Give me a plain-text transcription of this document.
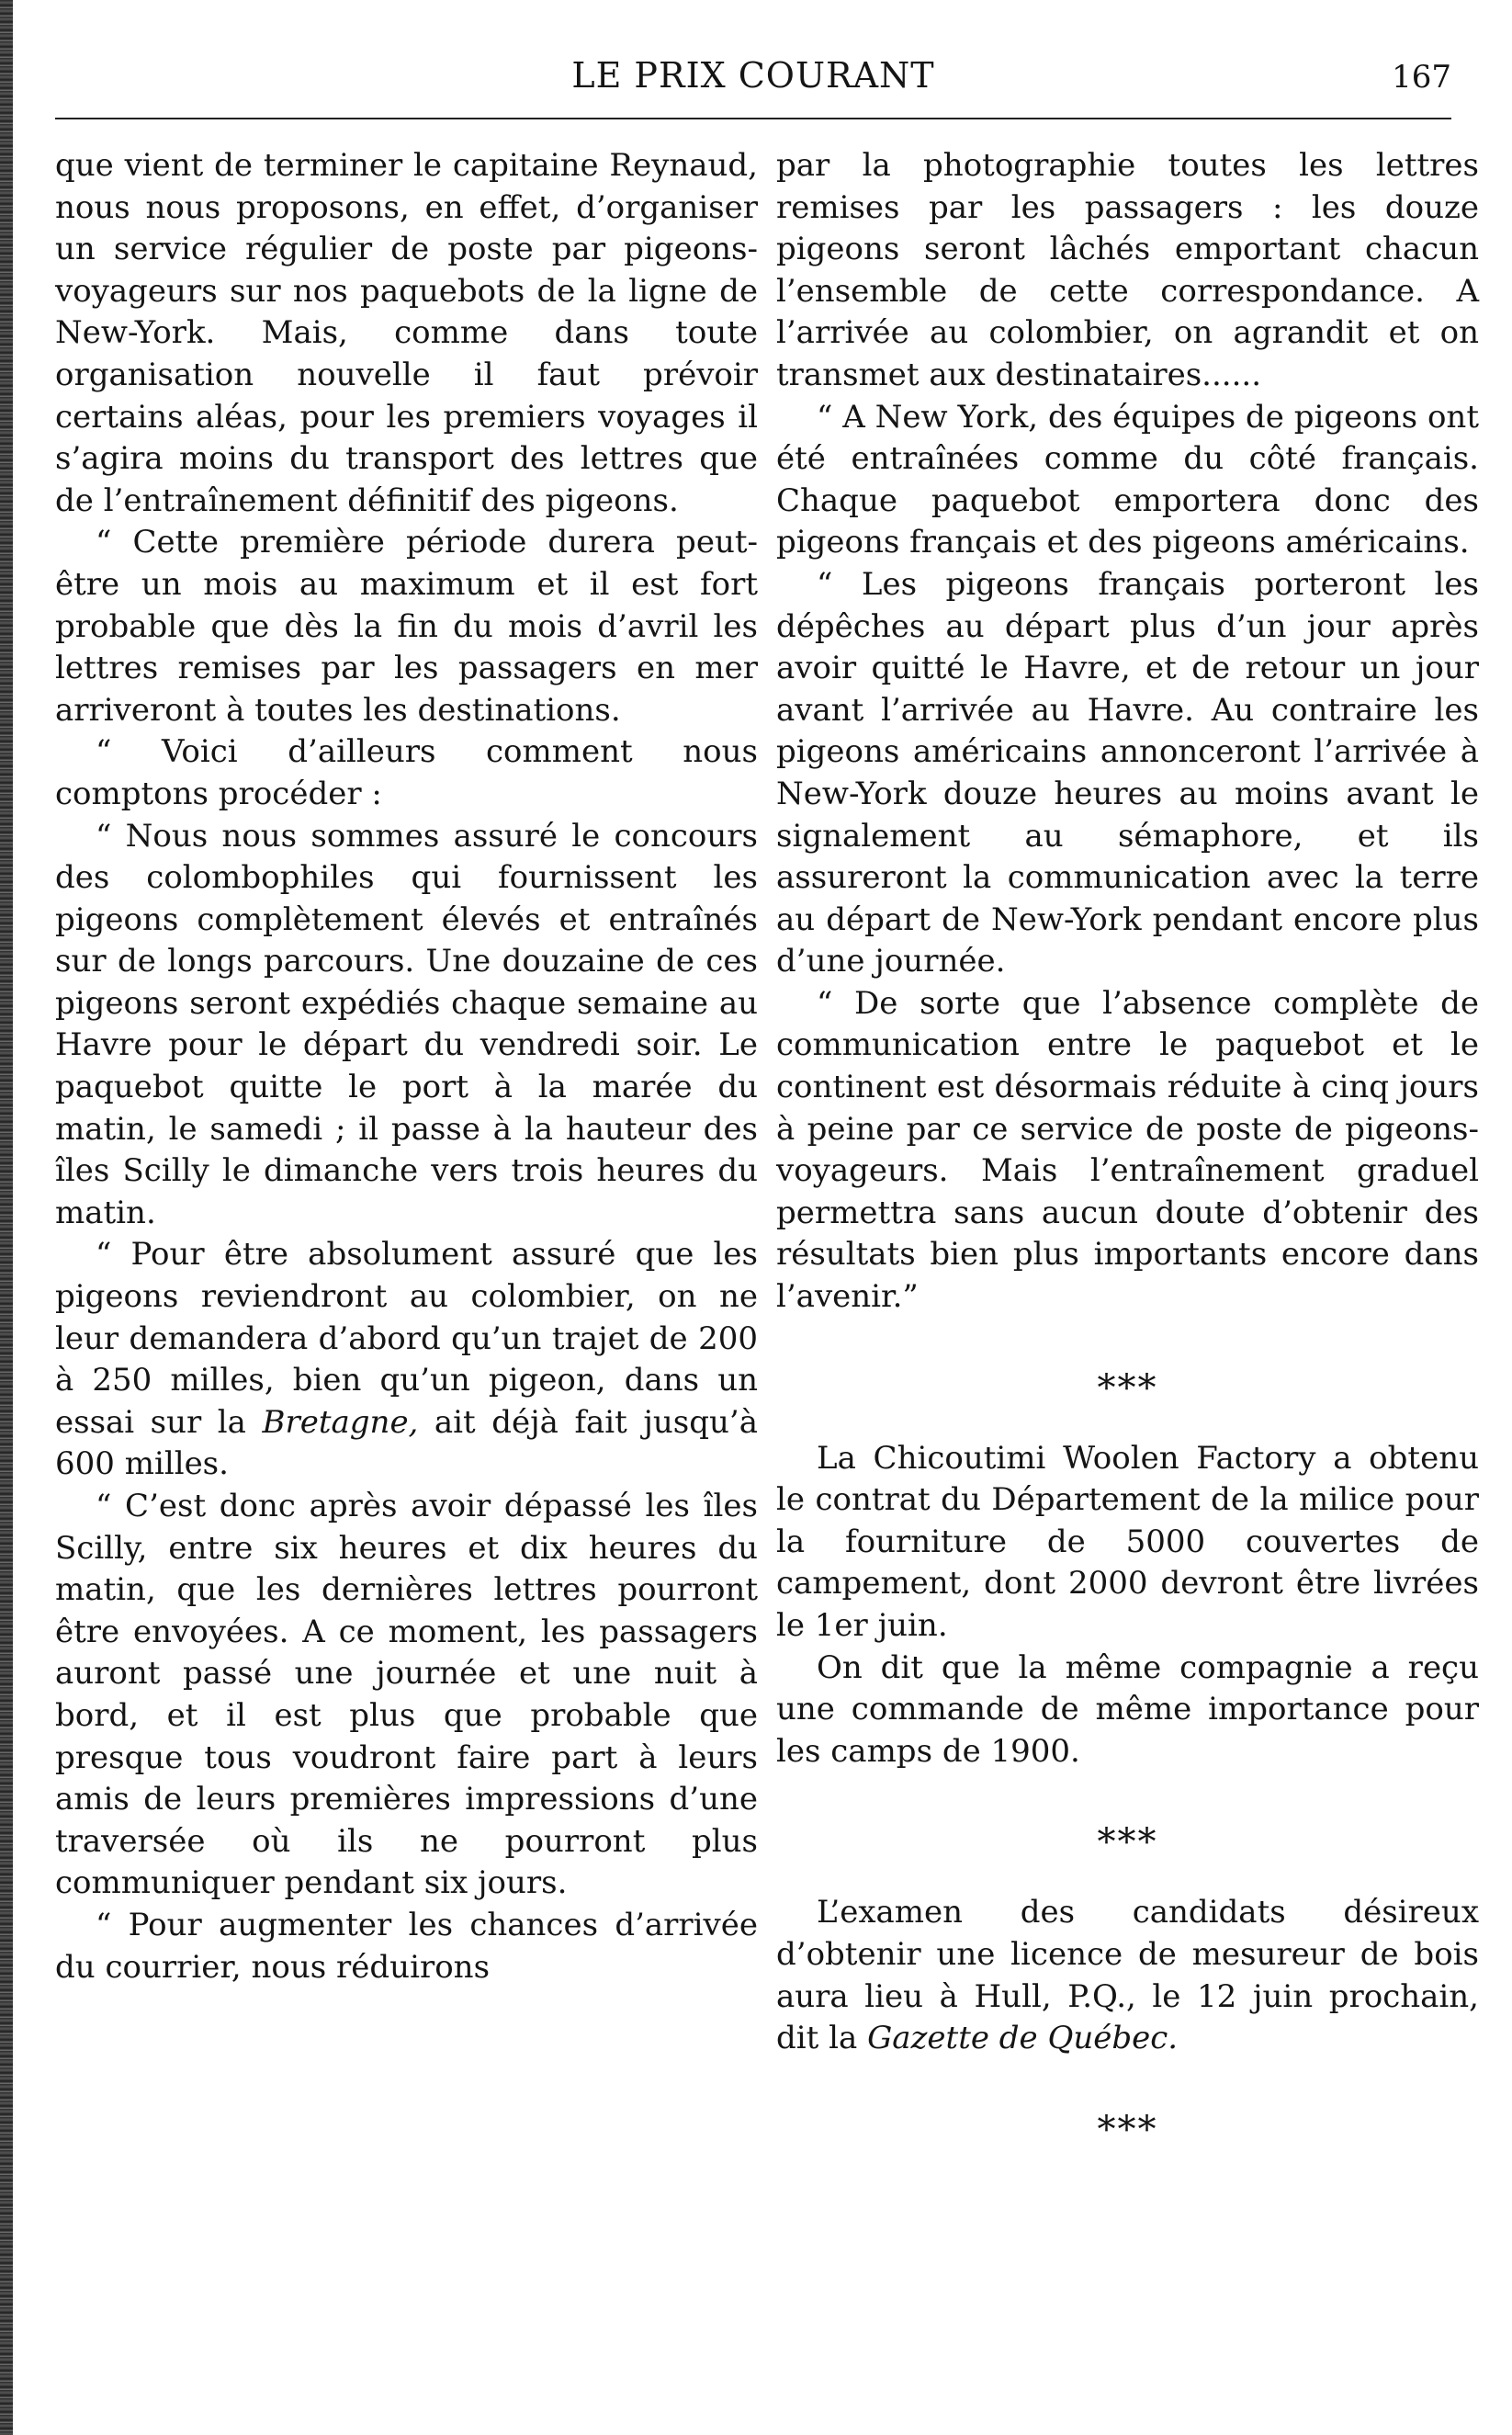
LE PRIX COURANT	167

que vient de terminer le capitaine Reynaud, nous nous proposons, en effet, d’organiser un service régulier de poste par pigeons-voyageurs sur nos paquebots de la ligne de New-York. Mais, comme dans toute organisation nouvelle il faut prévoir certains aléas, pour les premiers voyages il s’agira moins du transport des lettres que de l’entraînement définitif des pigeons.

“ Cette première période durera peut-être un mois au maximum et il est fort probable que dès la fin du mois d’avril les lettres remises par les passagers en mer arriveront à toutes les destinations.

“ Voici d’ailleurs comment nous comptons procéder :

“ Nous nous sommes assuré le concours des colombophiles qui fournissent les pigeons complètement élevés et entraînés sur de longs parcours. Une douzaine de ces pigeons seront expédiés chaque semaine au Havre pour le départ du vendredi soir. Le paquebot quitte le port à la marée du matin, le samedi ; il passe à la hauteur des îles Scilly le dimanche vers trois heures du matin.

“ Pour être absolument assuré que les pigeons reviendront au colombier, on ne leur demandera d’abord qu’un trajet de 200 à 250 milles, bien qu’un pigeon, dans un essai sur la Bretagne, ait déjà fait jusqu’à 600 milles.

“ C’est donc après avoir dépassé les îles Scilly, entre six heures et dix heures du matin, que les dernières lettres pourront être envoyées. A ce moment, les passagers auront passé une journée et une nuit à bord, et il est plus que probable que presque tous voudront faire part à leurs amis de leurs premières impressions d’une traversée où ils ne pourront plus communiquer pendant six jours.

“ Pour augmenter les chances d’arrivée du courrier, nous réduirons

par la photographie toutes les lettres remises par les passagers : les douze pigeons seront lâchés emportant chacun l’ensemble de cette correspondance. A l’arrivée au colombier, on agrandit et on transmet aux destinataires......

“ A New York, des équipes de pigeons ont été entraînées comme du côté français. Chaque paquebot emportera donc des pigeons français et des pigeons américains.

“ Les pigeons français porteront les dépêches au départ plus d’un jour après avoir quitté le Havre, et de retour un jour avant l’arrivée au Havre. Au contraire les pigeons américains annonceront l’arrivée à New-York douze heures au moins avant le signalement au sémaphore, et ils assureront la communication avec la terre au départ de New-York pendant encore plus d’une journée.

“ De sorte que l’absence complète de communication entre le paquebot et le continent est désormais réduite à cinq jours à peine par ce service de poste de pigeons-voyageurs. Mais l’entraînement graduel permettra sans aucun doute d’obtenir des résultats bien plus importants encore dans l’avenir.”

***

La Chicoutimi Woolen Factory a obtenu le contrat du Département de la milice pour la fourniture de 5000 couvertes de campement, dont 2000 devront être livrées le 1er juin.

On dit que la même compagnie a reçu une commande de même importance pour les camps de 1900.

***

L’examen des candidats désireux d’obtenir une licence de mesureur de bois aura lieu à Hull, P.Q., le 12 juin prochain, dit la Gazette de Québec.

***
